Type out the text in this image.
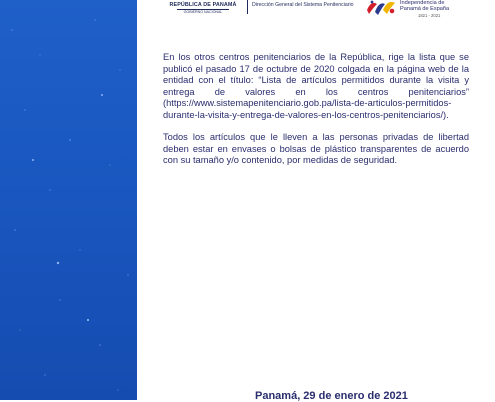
REPÚBLICA DE PANAMÁ
GOBIERNO NACIONAL
Dirección General del Sistema Penitenciario	Independencia de
Panamá de España
1821 - 2021

En los otros centros penitenciarios de la República, rige la lista que se publicó el pasado 17 de octubre de 2020 colgada en la página web de la entidad con el título: “Lista de artículos permitidos durante la visita y entrega de valores en los centros penitenciarios” (https://www.sistemapenitenciario.gob.pa/lista-de-articulos-permitidos-durante-la-visita-y-entrega-de-valores-en-los-centros-penitenciarios/).

Todos los artículos que le lleven a las personas privadas de libertad deben estar en envases o bolsas de plástico transparentes de acuerdo con su tamaño y/o contenido, por medidas de seguridad.

Panamá, 29 de enero de 2021
